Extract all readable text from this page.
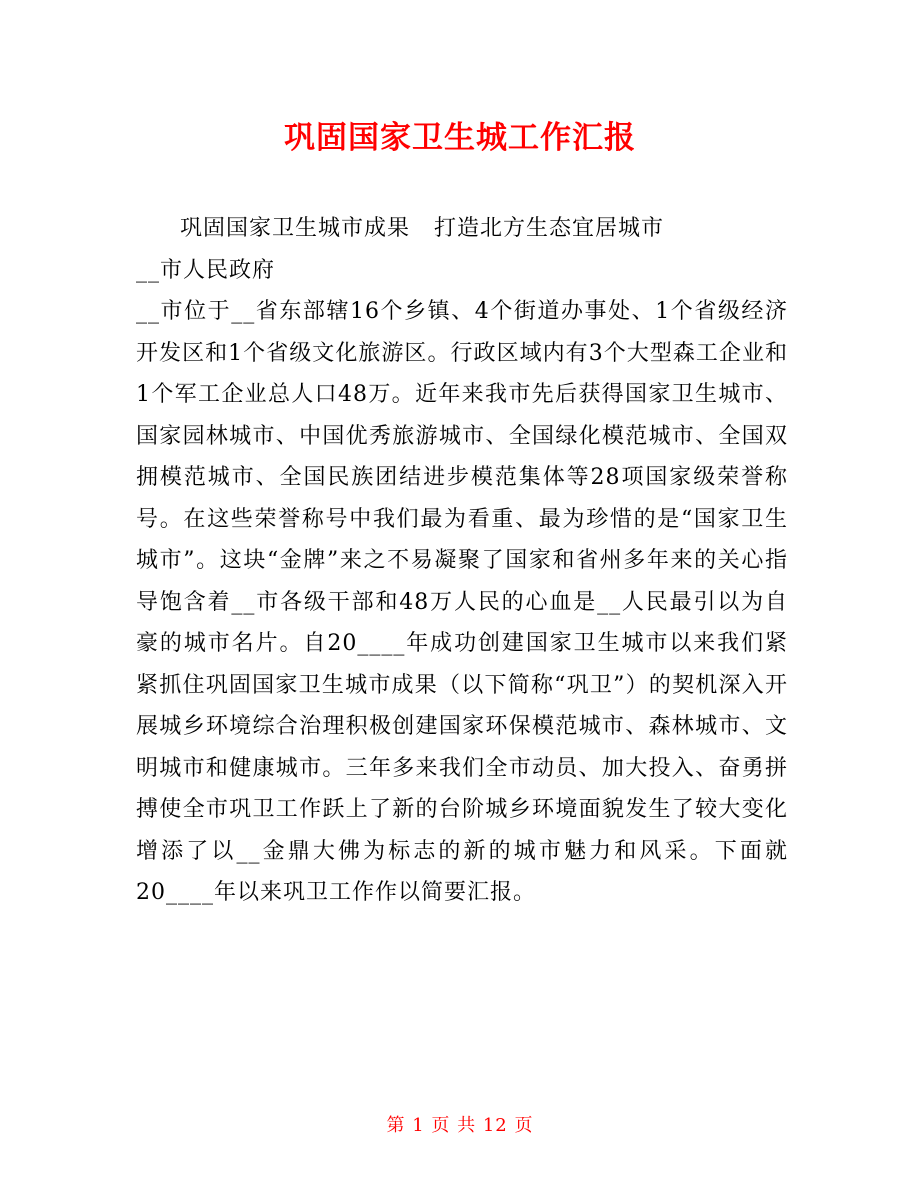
巩固国家卫生城工作汇报

巩固国家卫生城市成果   打造北方生态宜居城市

__市人民政府

__市位于__省东部辖16个乡镇、4个街道办事处、1个省级经济开发区和1个省级文化旅游区。行政区域内有3个大型森工企业和1个军工企业总人口48万。近年来我市先后获得国家卫生城市、国家园林城市、中国优秀旅游城市、全国绿化模范城市、全国双拥模范城市、全国民族团结进步模范集体等28项国家级荣誉称号。在这些荣誉称号中我们最为看重、最为珍惜的是“国家卫生城市”。这块“金牌”来之不易凝聚了国家和省州多年来的关心指导饱含着__市各级干部和48万人民的心血是__人民最引以为自豪的城市名片。自20____年成功创建国家卫生城市以来我们紧紧抓住巩固国家卫生城市成果（以下简称“巩卫”）的契机深入开展城乡环境综合治理积极创建国家环保模范城市、森林城市、文明城市和健康城市。三年多来我们全市动员、加大投入、奋勇拼搏使全市巩卫工作跃上了新的台阶城乡环境面貌发生了较大变化增添了以__金鼎大佛为标志的新的城市魅力和风采。下面就20____年以来巩卫工作作以简要汇报。

第 1 页 共 12 页
